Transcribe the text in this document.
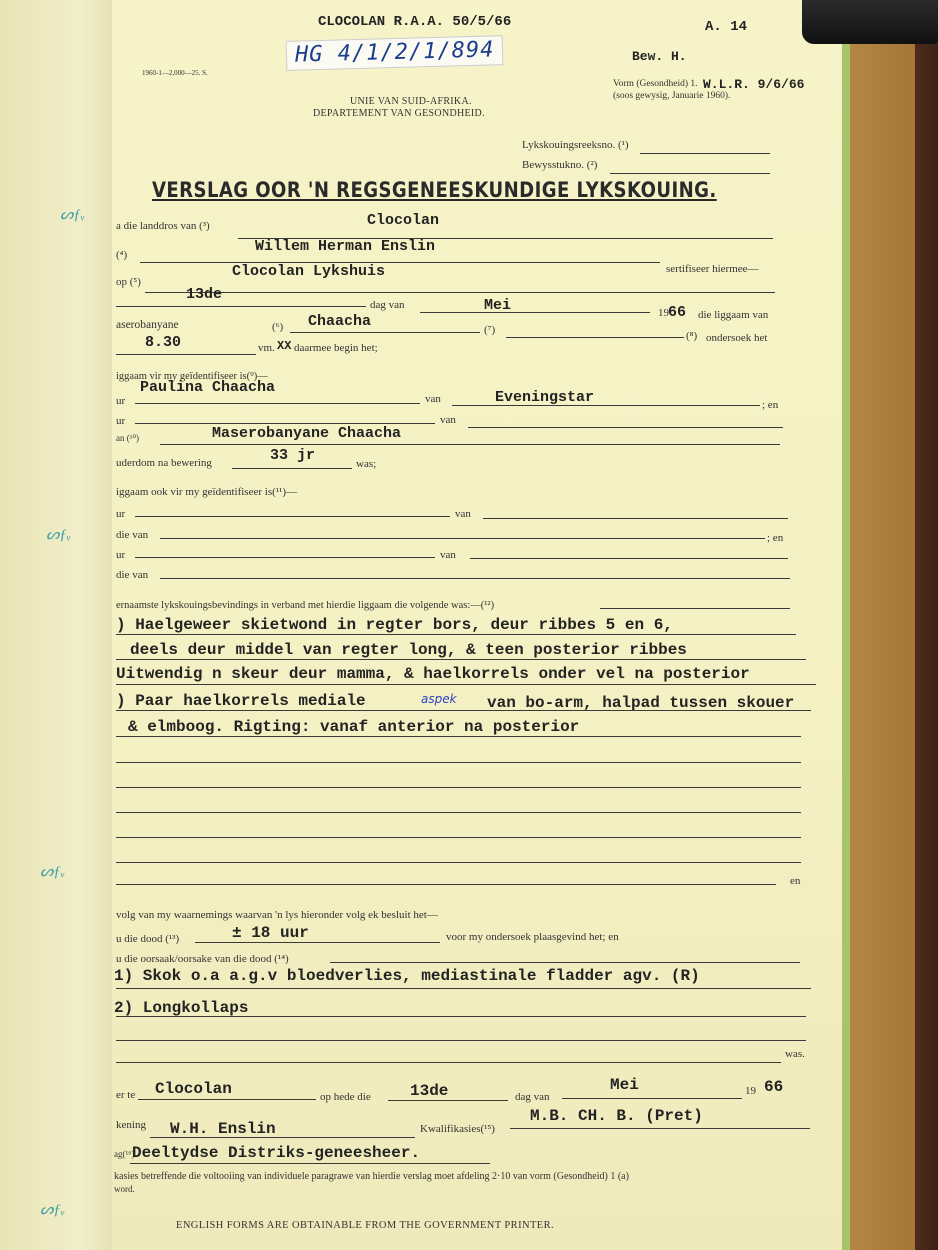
ᔕƒᵥ
ᔕƒᵥ
ᔕƒᵥ
ᔕƒᵥ
CLOCOLAN R.A.A. 50/5/66	A. 14
HG 4/1/2/1/894
1960-1—2,000—25. S.
Bew. H.
W.L.R. 9/6/66
Vorm (Gesondheid) 1.
(soos gewysig, Januarie 1960).
UNIE VAN SUID-AFRIKA.
DEPARTEMENT VAN GESONDHEID.
Lykskouingsreeksno. (¹)
Bewysstukno. (²)
VERSLAG OOR 'N REGSGENEESKUNDIGE LYKSKOUING.
a die landdros van (³)	Clocolan
(⁴)	Willem Herman Enslin
sertifiseer hiermee—
op (⁵)
Clocolan Lykshuis
13de
dag van	Mei	19 66 die liggaam van
aserobanyane	(⁶) Chaacha	(⁷)	(⁸) ondersoek het
8.30	vm. XX daarmee begin het;
iggaam vir my geïdentifiseer is(⁹)—
Paulina Chaacha
ur	van	Eveningstar	; en
ur	van
an (¹⁰)	Maserobanyane Chaacha
uderdom na bewering	33 jr	was;
iggaam ook vir my geïdentifiseer is(¹¹)—
ur	van
die van	; en
ur	van
die van
ernaamste lykskouingsbevindings in verband met hierdie liggaam die volgende was:—(¹²)
) Haelgeweer skietwond in regter bors, deur ribbes 5 en 6,
deels deur middel van regter long, & teen posterior ribbes
Uitwendig n skeur deur mamma, & haelkorrels onder vel na posterior
) Paar haelkorrels mediale	aspek van bo-arm, halpad tussen skouer
& elmboog. Rigting: vanaf anterior na posterior
en
volg van my waarnemings waarvan 'n lys hieronder volg ek besluit het—
u die dood (¹³)	± 18 uur	voor my ondersoek plaasgevind het; en
u die oorsaak/oorsake van die dood (¹⁴)
1) Skok o.a a.g.v bloedverlies, mediastinale fladder agv. (R)
2) Longkollaps
was.
er te Clocolan	op hede die 13de	dag van
Mei	19 66
kening W.H. Enslin	Kwalifikasies(¹⁵)
M.B. CH. B. (Pret)
ag(¹⁶)
Deeltydse Distriks-geneesheer.
kasies betreffende die voltooiing van individuele paragrawe van hierdie verslag moet afdeling 2·10 van vorm (Gesondheid) 1 (a)
word.
ENGLISH FORMS ARE OBTAINABLE FROM THE GOVERNMENT PRINTER.
